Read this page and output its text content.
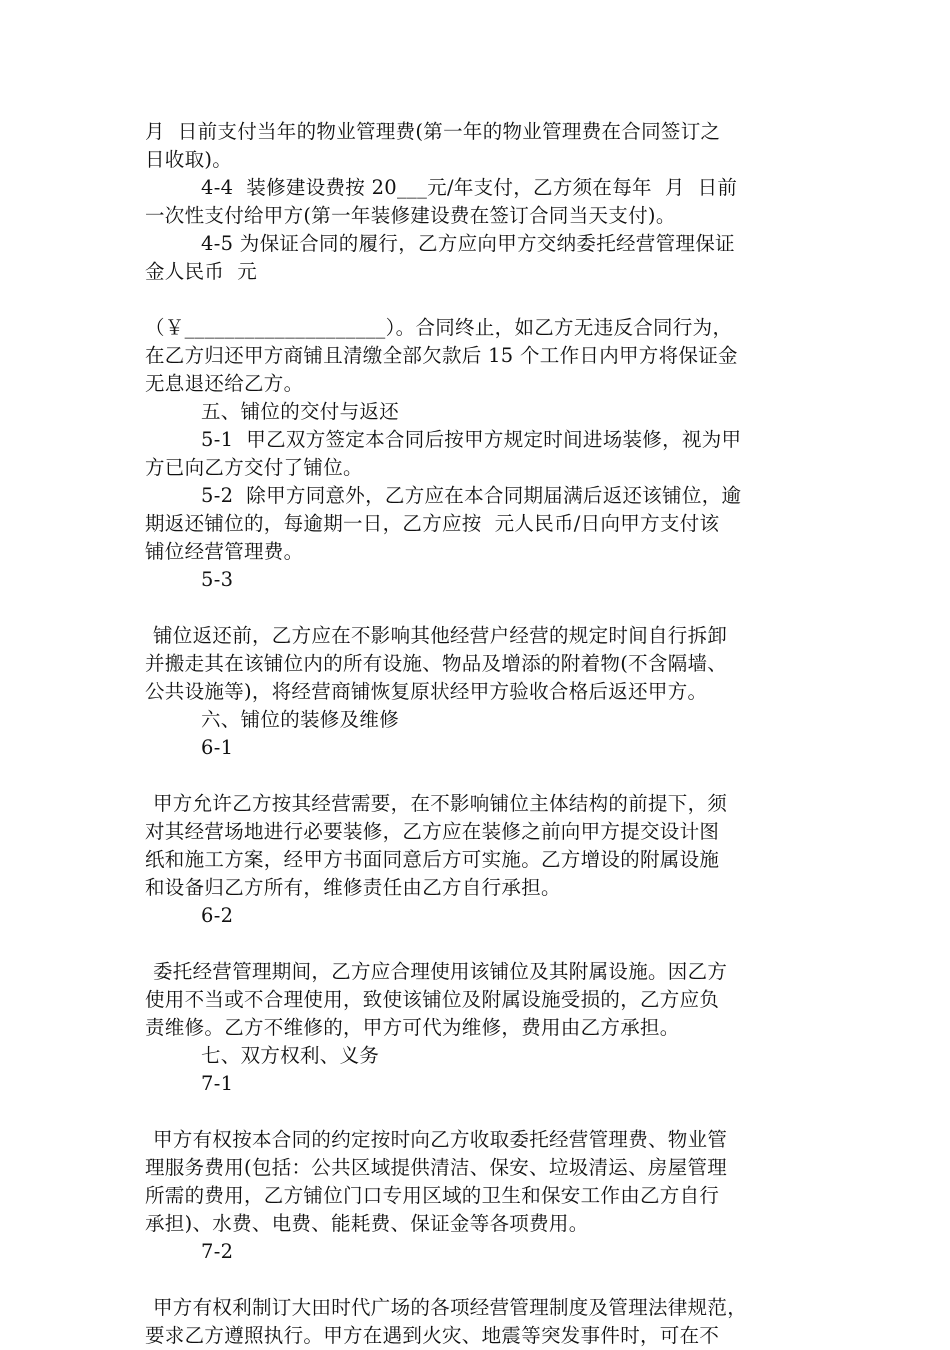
月  日前支付当年的物业管理费(第一年的物业管理费在合同签订之
日收取)。
4-4  装修建设费按 20___元/年支付，乙方须在每年  月  日前
一次性支付给甲方(第一年装修建设费在签订合同当天支付)。
4-5 为保证合同的履行，乙方应向甲方交纳委托经营管理保证
金人民币  元
（￥____________________）。合同终止，如乙方无违反合同行为，
在乙方归还甲方商铺且清缴全部欠款后 15 个工作日内甲方将保证金
无息退还给乙方。
五、铺位的交付与返还
5-1  甲乙双方签定本合同后按甲方规定时间进场装修，视为甲
方已向乙方交付了铺位。
5-2  除甲方同意外，乙方应在本合同期届满后返还该铺位，逾
期返还铺位的，每逾期一日，乙方应按  元人民币/日向甲方支付该
铺位经营管理费。
5-3
铺位返还前，乙方应在不影响其他经营户经营的规定时间自行拆卸
并搬走其在该铺位内的所有设施、物品及增添的附着物(不含隔墙、
公共设施等)，将经营商铺恢复原状经甲方验收合格后返还甲方。
六、铺位的装修及维修
6-1
甲方允许乙方按其经营需要，在不影响铺位主体结构的前提下，须
对其经营场地进行必要装修，乙方应在装修之前向甲方提交设计图
纸和施工方案，经甲方书面同意后方可实施。乙方增设的附属设施
和设备归乙方所有，维修责任由乙方自行承担。
6-2
委托经营管理期间，乙方应合理使用该铺位及其附属设施。因乙方
使用不当或不合理使用，致使该铺位及附属设施受损的，乙方应负
责维修。乙方不维修的，甲方可代为维修，费用由乙方承担。
七、双方权利、义务
7-1
甲方有权按本合同的约定按时向乙方收取委托经营管理费、物业管
理服务费用(包括：公共区域提供清洁、保安、垃圾清运、房屋管理
所需的费用，乙方铺位门口专用区域的卫生和保安工作由乙方自行
承担)、水费、电费、能耗费、保证金等各项费用。
7-2
甲方有权利制订大田时代广场的各项经营管理制度及管理法律规范，
要求乙方遵照执行。甲方在遇到火灾、地震等突发事件时，可在不
